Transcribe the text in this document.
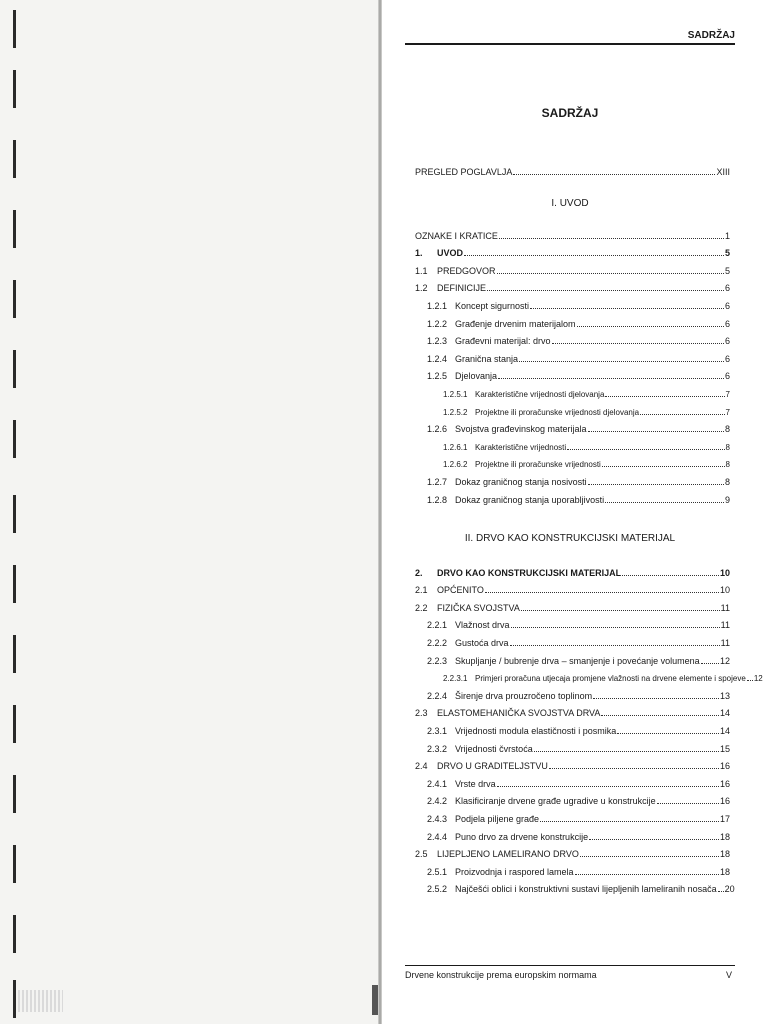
SADRŽAJ
SADRŽAJ
PREGLED POGLAVLJA	XIII
I. UVOD
OZNAKE I KRATICE	1
1.	UVOD	5
1.1 PREDGOVOR	5
1.2 DEFINICIJE	6
1.2.1 Koncept sigurnosti	6
1.2.2 Građenje drvenim materijalom	6
1.2.3 Građevni materijal: drvo	6
1.2.4 Granična stanja	6
1.2.5 Djelovanja	6
1.2.5.1 Karakteristične vrijednosti djelovanja	7
1.2.5.2 Projektne ili proračunske vrijednosti djelovanja	7
1.2.6 Svojstva građevinskog materijala	8
1.2.6.1 Karakteristične vrijednosti	8
1.2.6.2 Projektne ili proračunske vrijednosti	8
1.2.7 Dokaz graničnog stanja nosivosti	8
1.2.8 Dokaz graničnog stanja uporabljivosti	9
II. DRVO KAO KONSTRUKCIJSKI MATERIJAL
2.	DRVO KAO KONSTRUKCIJSKI MATERIJAL	10
2.1 OPĆENITO	10
2.2 FIZIČKA SVOJSTVA	11
2.2.1 Vlažnost drva	11
2.2.2 Gustoća drva	11
2.2.3 Skupljanje / bubrenje drva – smanjenje i povećanje volumena 12
2.2.3.1 Primjeri proračuna utjecaja promjene vlažnosti na drvene elemente i spojeve 12
2.2.4 Širenje drva prouzročeno toplinom	13
2.3 ELASTOMEHANIČKA SVOJSTVA DRVA	14
2.3.1 Vrijednosti modula elastičnosti i posmika	14
2.3.2 Vrijednosti čvrstoća	15
2.4 DRVO U GRADITELJSTVU	16
2.4.1 Vrste drva	16
2.4.2 Klasificiranje drvene građe ugradive u konstrukcije	16
2.4.3 Podjela piljene građe	17
2.4.4 Puno drvo za drvene konstrukcije	18
2.5 LIJEPLJENO LAMELIRANO DRVO	18
2.5.1 Proizvodnja i raspored lamela	18
2.5.2 Najčešći oblici i konstruktivni sustavi lijepljenih lameliranih nosača 20
Drvene konstrukcije prema europskim normama	V
